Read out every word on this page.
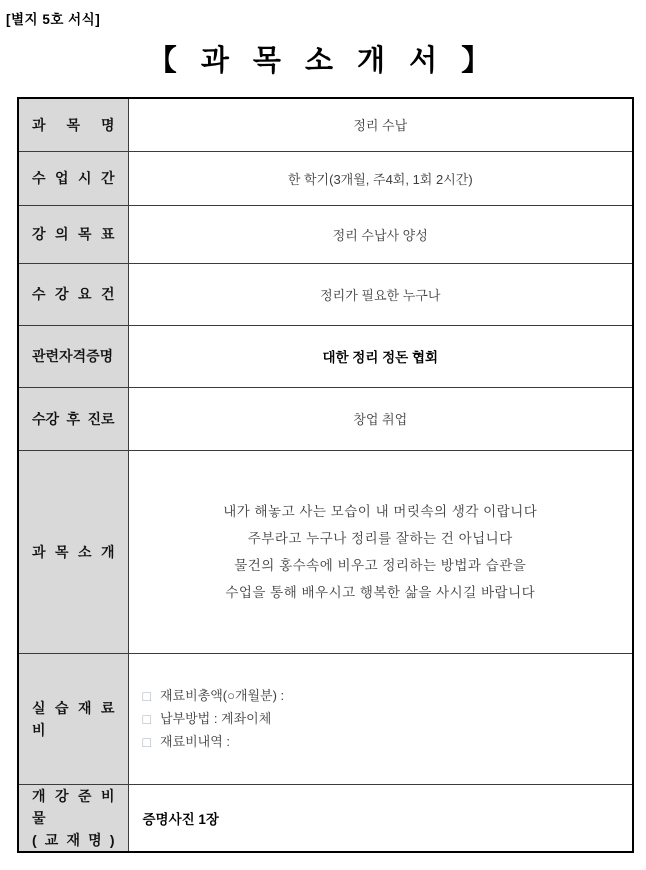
[별지 5호 서식]
【 과 목 소 개 서 】
과 목 명	정리 수납
수 업 시 간	한 학기(3개월, 주4회, 1회 2시간)
강 의 목 표	정리 수납사 양성
수 강 요 건	정리가 필요한 누구나
관련자격증명	대한 정리 정돈 협회
수강 후 진로	창업 취업
과 목 소 개	내가 해놓고 사는 모습이 내 머릿속의 생각 이랍니다
주부라고 누구나 정리를 잘하는 건 아닙니다
물건의 홍수속에 비우고 정리하는 방법과 습관을
수업을 통해 배우시고 행복한 삶을 사시길 바랍니다

실 습 재 료 비	□ 재료비총액(○개월분) :
□ 납부방법 : 계좌이체
□ 재료비내역 :

개 강 준 비 물
( 교 재 명 )	증명사진 1장
